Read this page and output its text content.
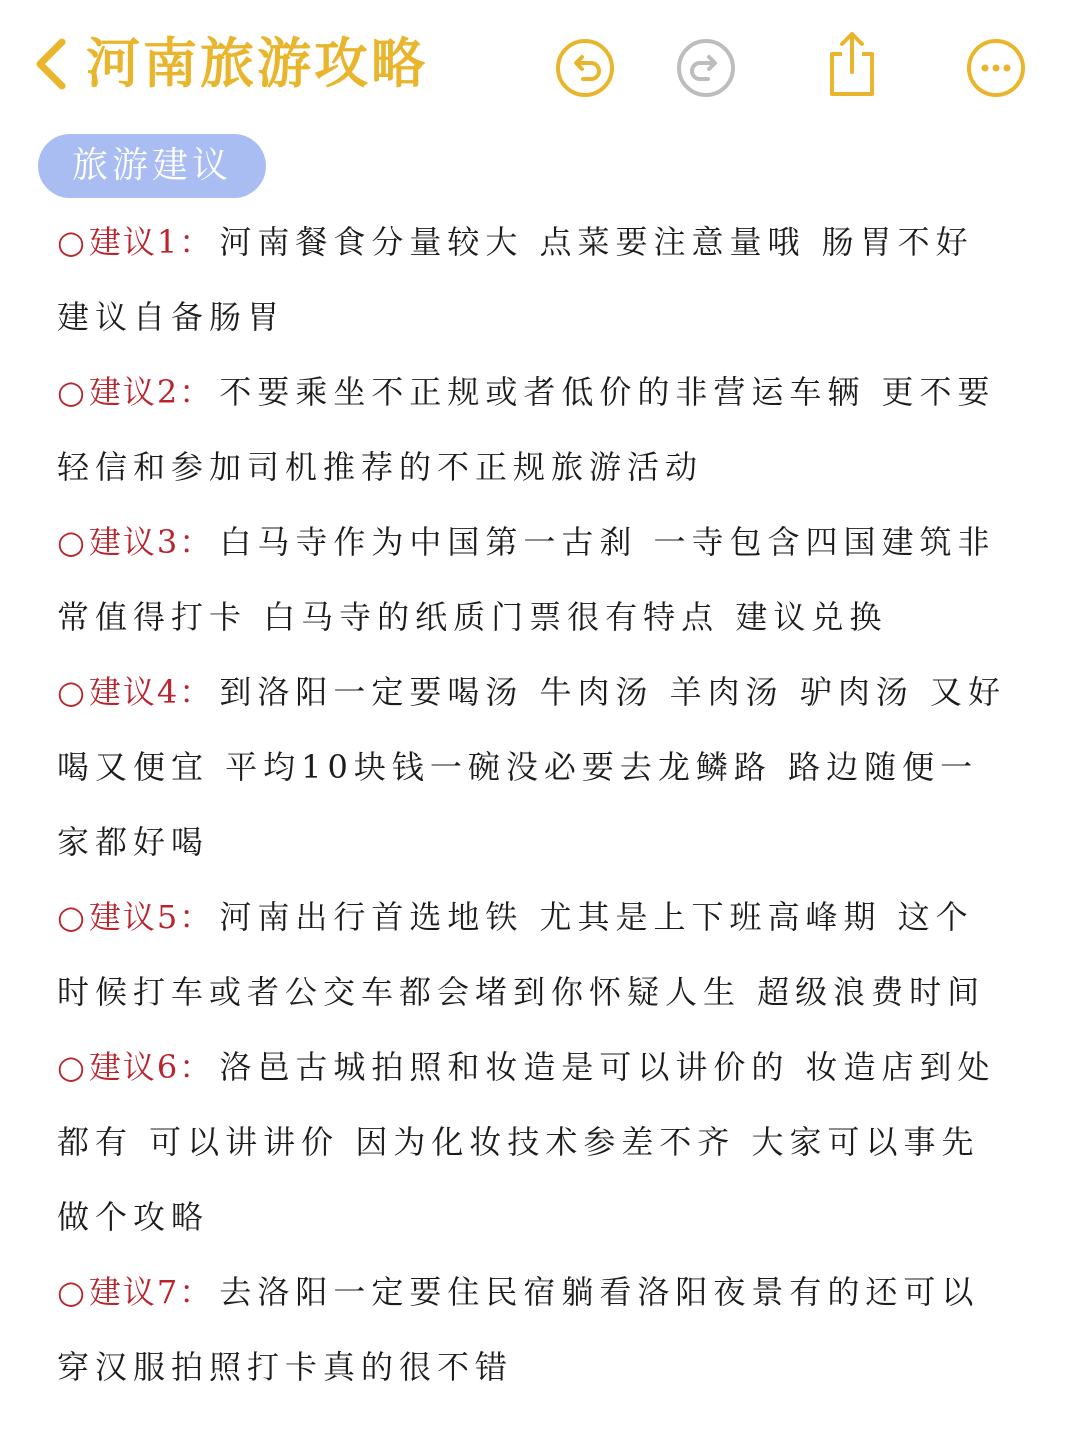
河南旅游攻略
旅游建议

○ 建议1：河南餐食分量较大 点菜要注意量哦 肠胃不好建议自备肠胃

○ 建议2：不要乘坐不正规或者低价的非营运车辆 更不要轻信和参加司机推荐的不正规旅游活动

○ 建议3：白马寺作为中国第一古刹 一寺包含四国建筑非常值得打卡 白马寺的纸质门票很有特点 建议兑换

○ 建议4：到洛阳一定要喝汤 牛肉汤 羊肉汤 驴肉汤 又好喝又便宜 平均10块钱一碗没必要去龙鳞路 路边随便一家都好喝

○ 建议5：河南出行首选地铁 尤其是上下班高峰期 这个时候打车或者公交车都会堵到你怀疑人生 超级浪费时间

○ 建议6：洛邑古城拍照和妆造是可以讲价的 妆造店到处都有 可以讲讲价 因为化妆技术参差不齐 大家可以事先做个攻略

○ 建议7：去洛阳一定要住民宿躺看洛阳夜景有的还可以穿汉服拍照打卡真的很不错
